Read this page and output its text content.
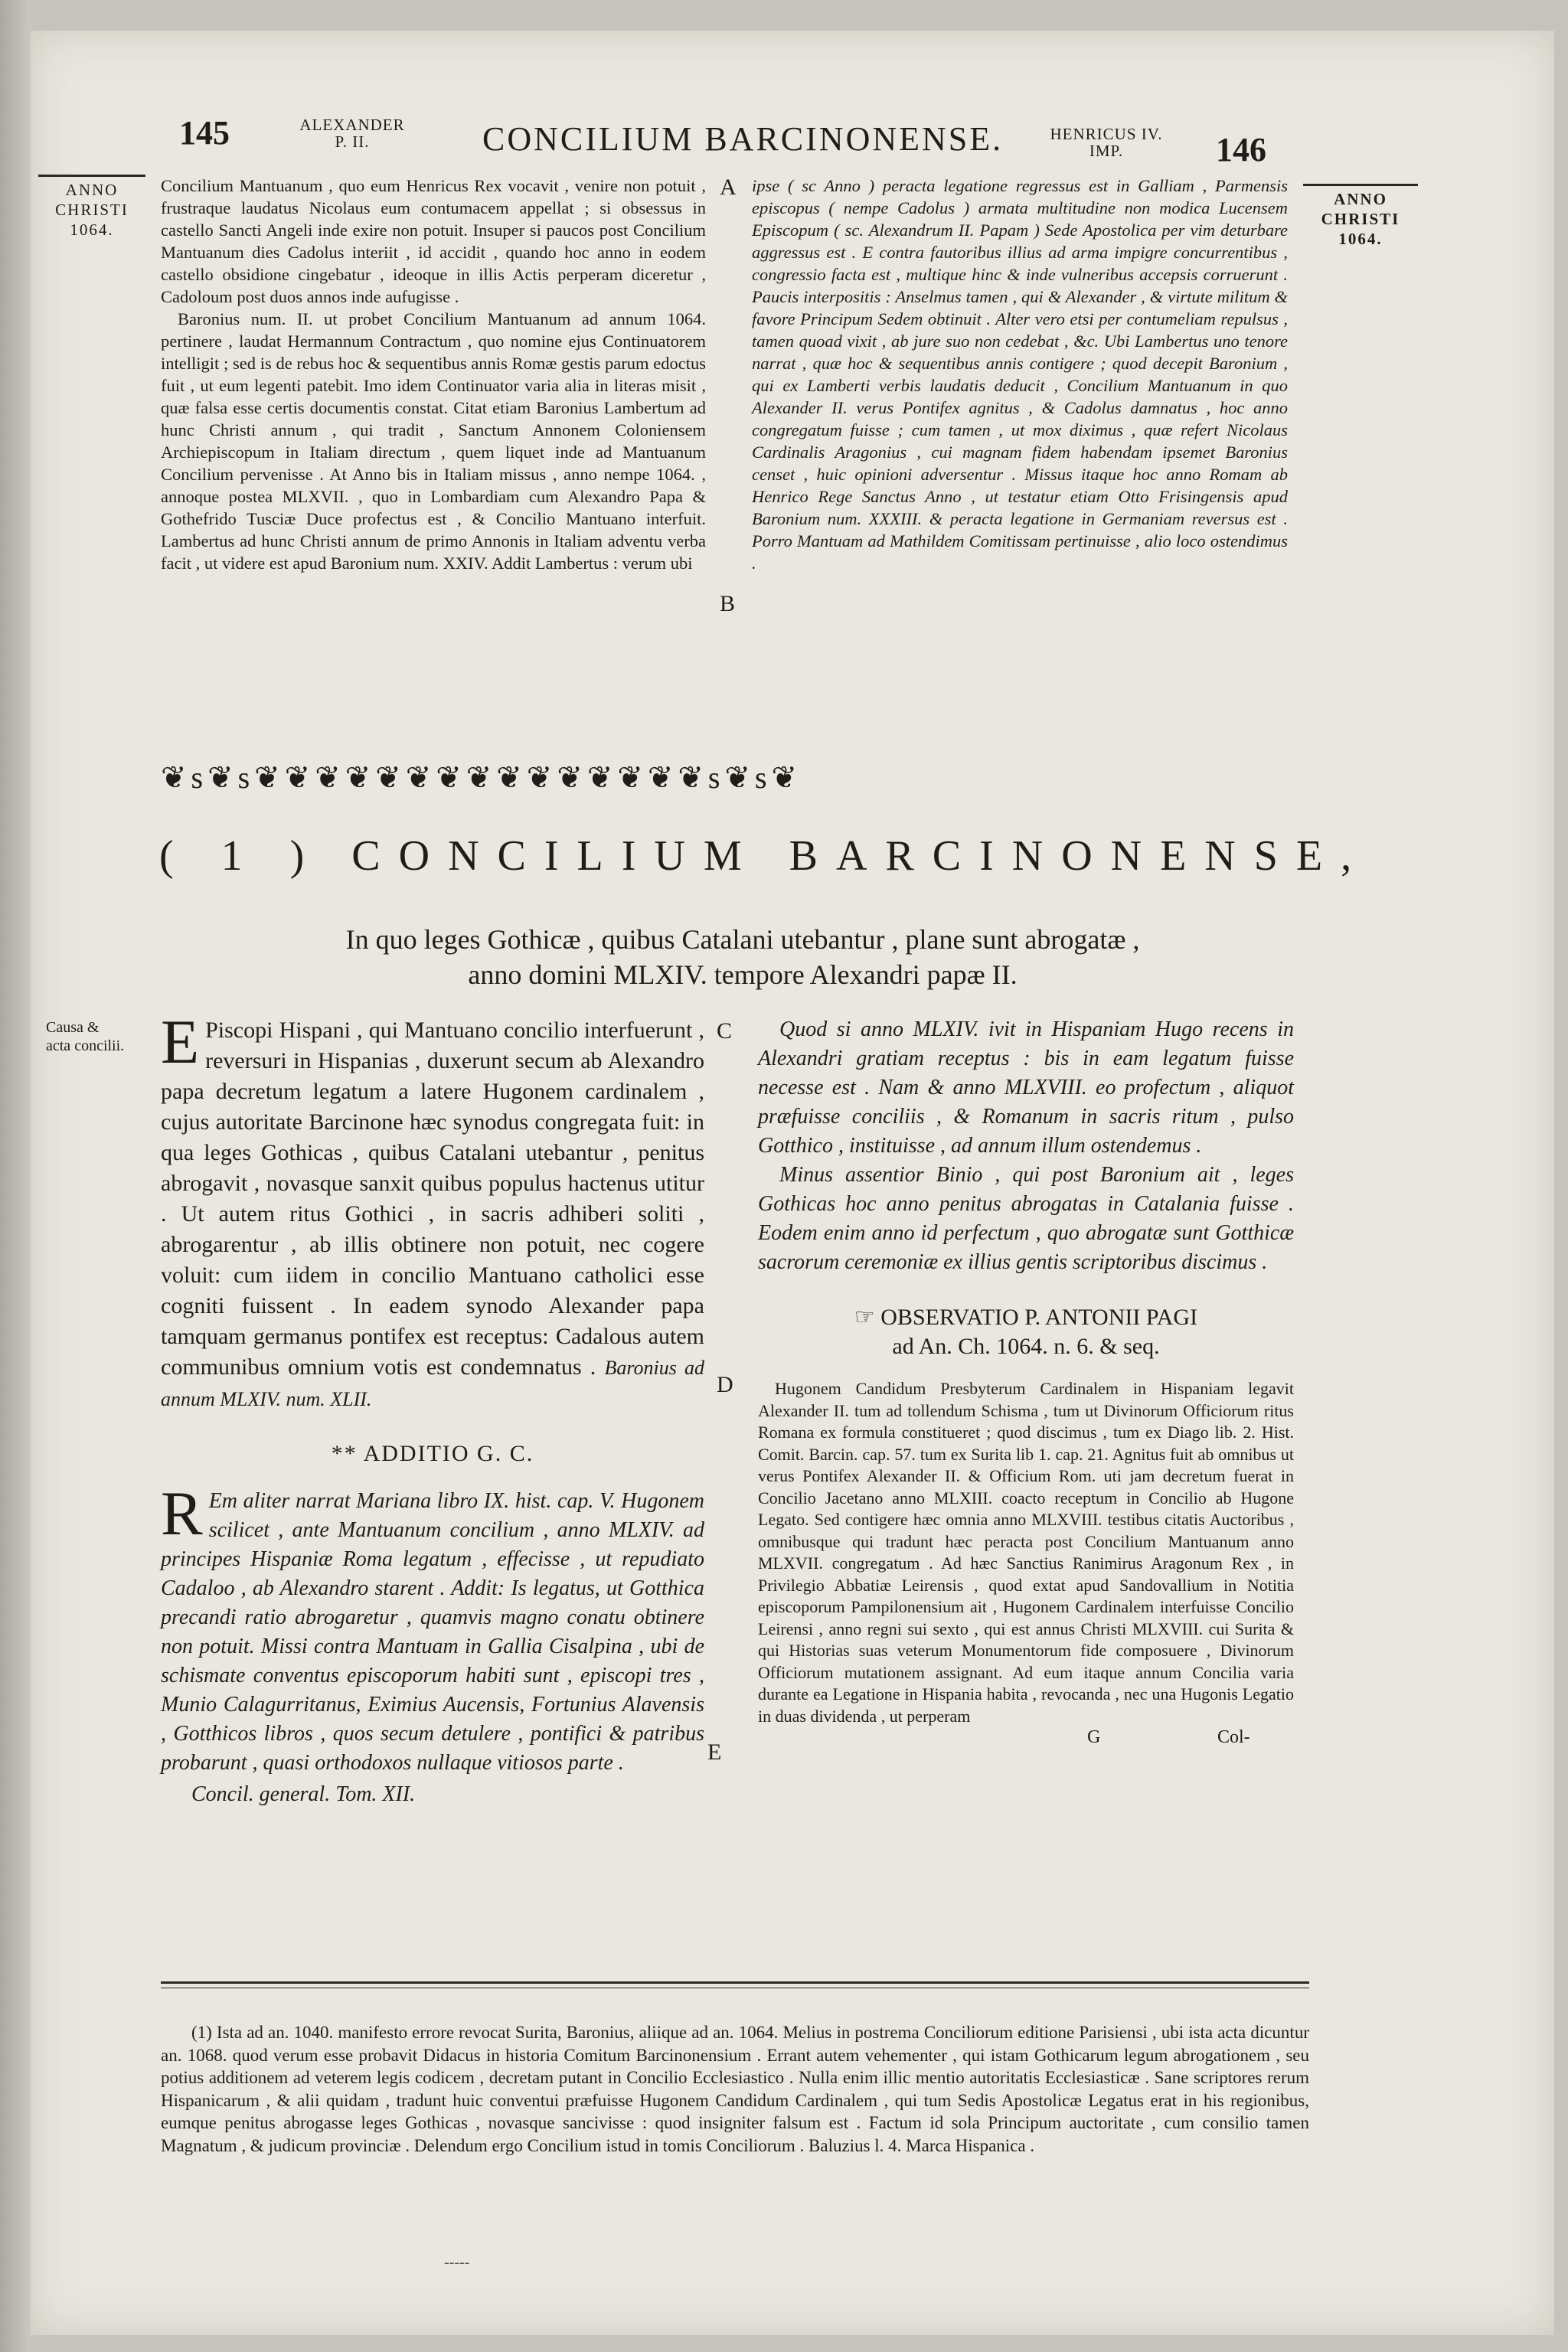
145	ALEXANDER
P. II.	CONCILIUM BARCINONENSE.	HENRICUS IV.
IMP.	146
ANNO
CHRISTI
1064.
ANNO
CHRISTI
1064.
A
B

Concilium Mantuanum , quo eum Henricus Rex vocavit , venire non potuit , frustraque laudatus Nicolaus eum contumacem appellat ; si obsessus in castello Sancti Angeli inde exire non potuit. Insuper si paucos post Concilium Mantuanum dies Cadolus interiit , id accidit , quando hoc anno in eodem castello obsidione cingebatur , ideoque in illis Actis perperam diceretur , Cadoloum post duos annos inde aufugisse .

Baronius num. II. ut probet Concilium Mantuanum ad annum 1064. pertinere , laudat Hermannum Contractum , quo nomine ejus Continuatorem intelligit ; sed is de rebus hoc & sequentibus annis Romæ gestis parum edoctus fuit , ut eum legenti patebit. Imo idem Continuator varia alia in literas misit , quæ falsa esse certis documentis constat. Citat etiam Baronius Lambertum ad hunc Christi annum , qui tradit , Sanctum Annonem Coloniensem Archiepiscopum in Italiam directum , quem liquet inde ad Mantuanum Concilium pervenisse . At Anno bis in Italiam missus , anno nempe 1064. , annoque postea MLXVII. , quo in Lombardiam cum Alexandro Papa & Gothefrido Tusciæ Duce profectus est , & Concilio Mantuano interfuit. Lambertus ad hunc Christi annum de primo Annonis in Italiam adventu verba facit , ut videre est apud Baronium num. XXIV. Addit Lambertus : verum ubi

ipse ( sc Anno ) peracta legatione regressus est in Galliam , Parmensis episcopus ( nempe Cadolus ) armata multitudine non modica Lucensem Episcopum ( sc. Alexandrum II. Papam ) Sede Apostolica per vim deturbare aggressus est . E contra fautoribus illius ad arma impigre concurrentibus , congressio facta est , multique hinc & inde vulneribus accepsis corruerunt . Paucis interpositis : Anselmus tamen , qui & Alexander , & virtute militum & favore Principum Sedem obtinuit . Alter vero etsi per contumeliam repulsus , tamen quoad vixit , ab jure suo non cedebat , &c. Ubi Lambertus uno tenore narrat , quæ hoc & sequentibus annis contigere ; quod decepit Baronium , qui ex Lamberti verbis laudatis deducit , Concilium Mantuanum in quo Alexander II. verus Pontifex agnitus , & Cadolus damnatus , hoc anno congregatum fuisse ; cum tamen , ut mox diximus , quæ refert Nicolaus Cardinalis Aragonius , cui magnam fidem habendam ipsemet Baronius censet , huic opinioni adversentur . Missus itaque hoc anno Romam ab Henrico Rege Sanctus Anno , ut testatur etiam Otto Frisingensis apud Baronium num. XXXIII. & peracta legatione in Germaniam reversus est . Porro Mantuam ad Mathildem Comitissam pertinuisse , alio loco ostendimus .

❦s❦s❦❦❦❦❦❦❦❦❦❦❦❦❦❦❦s❦s❦
( 1 ) CONCILIUM BARCINONENSE,
In quo leges Gothicæ , quibus Catalani utebantur , plane sunt abrogatæ ,
anno domini MLXIV. tempore Alexandri papæ II.
Causa &
acta concilii.
C
D
E
E Piscopi Hispani , qui Mantuano concilio interfuerunt , reversuri in Hispanias , duxerunt secum ab Alexandro papa decretum legatum a latere Hugonem cardinalem , cujus autoritate Barcinone hæc synodus congregata fuit: in qua leges Gothicas , quibus Catalani utebantur , penitus abrogavit , novasque sanxit quibus populus hactenus utitur . Ut autem ritus Gothici , in sacris adhiberi soliti , abrogarentur , ab illis obtinere non potuit, nec cogere voluit: cum iidem in concilio Mantuano catholici esse cogniti fuissent . In eadem synodo Alexander papa tamquam germanus pontifex est receptus: Cadalous autem communibus omnium votis est condemnatus . Baronius ad annum MLXIV. num. XLII.
** ADDITIO G. C.
R Em aliter narrat Mariana libro IX. hist. cap. V. Hugonem scilicet , ante Mantuanum concilium , anno MLXIV. ad principes Hispaniæ Roma legatum , effecisse , ut repudiato Cadaloo , ab Alexandro starent . Addit: Is legatus, ut Gotthica precandi ratio abrogaretur , quamvis magno conatu obtinere non potuit. Missi contra Mantuam in Gallia Cisalpina , ubi de schismate conventus episcoporum habiti sunt , episcopi tres , Munio Calagurritanus, Eximius Aucensis, Fortunius Alavensis , Gotthicos libros , quos secum detulere , pontifici & patribus probarunt , quasi orthodoxos nullaque vitiosos parte .
Concil. general. Tom. XII.

Quod si anno MLXIV. ivit in Hispaniam Hugo recens in Alexandri gratiam receptus : bis in eam legatum fuisse necesse est . Nam & anno MLXVIII. eo profectum , aliquot præfuisse conciliis , & Romanum in sacris ritum , pulso Gotthico , instituisse , ad annum illum ostendemus .

Minus assentior Binio , qui post Baronium ait , leges Gothicas hoc anno penitus abrogatas in Catalania fuisse . Eodem enim anno id perfectum , quo abrogatæ sunt Gotthicæ sacrorum ceremoniæ ex illius gentis scriptoribus discimus .

☞ OBSERVATIO P. ANTONII PAGI
ad An. Ch. 1064. n. 6. & seq.
Hugonem Candidum Presbyterum Cardinalem in Hispaniam legavit Alexander II. tum ad tollendum Schisma , tum ut Divinorum Officiorum ritus Romana ex formula constitueret ; quod discimus , tum ex Diago lib. 2. Hist. Comit. Barcin. cap. 57. tum ex Surita lib 1. cap. 21. Agnitus fuit ab omnibus ut verus Pontifex Alexander II. & Officium Rom. uti jam decretum fuerat in Concilio Jacetano anno MLXIII. coacto receptum in Concilio ab Hugone Legato. Sed contigere hæc omnia anno MLXVIII. testibus citatis Auctoribus , omnibusque qui tradunt hæc peracta post Concilium Mantuanum anno MLXVII. congregatum . Ad hæc Sanctius Ranimirus Aragonum Rex , in Privilegio Abbatiæ Leirensis , quod extat apud Sandovallium in Notitia episcoporum Pampilonensium ait , Hugonem Cardinalem interfuisse Concilio Leirensi , anno regni sui sexto , qui est annus Christi MLXVIII. cui Surita & qui Historias suas veterum Monumentorum fide composuere , Divinorum Officiorum mutationem assignant. Ad eum itaque annum Concilia varia durante ea Legatione in Hispania habita , revocanda , nec una Hugonis Legatio in duas dividenda , ut perperam
G	Col-
(1) Ista ad an. 1040. manifesto errore revocat Surita, Baronius, aliique ad an. 1064. Melius in postrema Conciliorum editione Parisiensi , ubi ista acta dicuntur an. 1068. quod verum esse probavit Didacus in historia Comitum Barcinonensium . Errant autem vehementer , qui istam Gothicarum legum abrogationem , seu potius additionem ad veterem legis codicem , decretam putant in Concilio Ecclesiastico . Nulla enim illic mentio autoritatis Ecclesiasticæ . Sane scriptores rerum Hispanicarum , & alii quidam , tradunt huic conventui præfuisse Hugonem Candidum Cardinalem , qui tum Sedis Apostolicæ Legatus erat in his regionibus, eumque penitus abrogasse leges Gothicas , novasque sancivisse : quod insigniter falsum est . Factum id sola Principum auctoritate , cum consilio tamen Magnatum , & judicum provinciæ . Delendum ergo Concilium istud in tomis Conciliorum . Baluzius l. 4. Marca Hispanica .
-----
